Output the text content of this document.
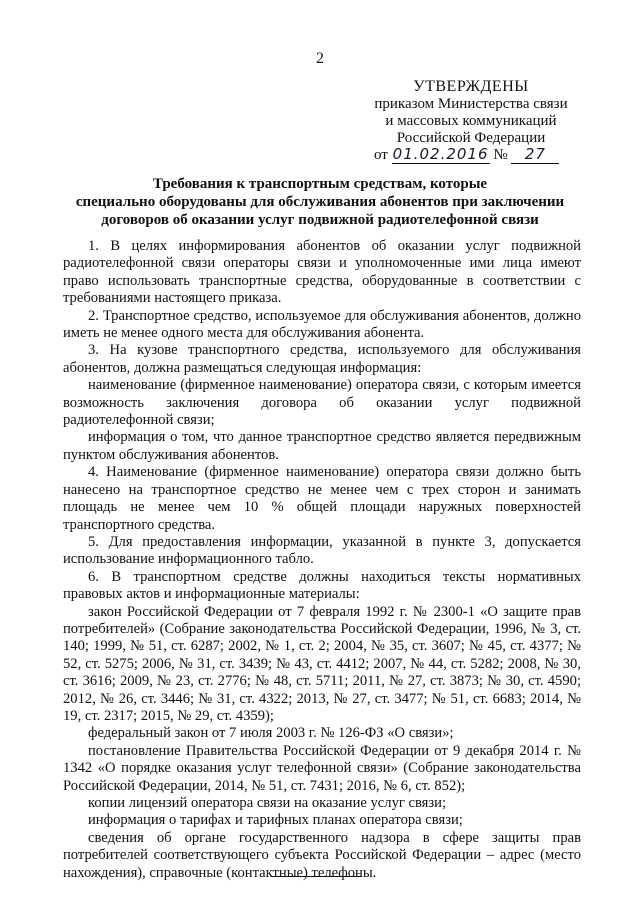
2
УТВЕРЖДЕНЫ
приказом Министерства связи
и массовых коммуникаций
Российской Федерации
от 01.02.2016 № 27
Требования к транспортным средствам, которые
специально оборудованы для обслуживания абонентов при заключении
договоров об оказании услуг подвижной радиотелефонной связи

1. В целях информирования абонентов об оказании услуг подвижной радиотелефонной связи операторы связи и уполномоченные ими лица имеют право использовать транспортные средства, оборудованные в соответствии с требованиями настоящего приказа.

2. Транспортное средство, используемое для обслуживания абонентов, должно иметь не менее одного места для обслуживания абонента.

3. На кузове транспортного средства, используемого для обслуживания абонентов, должна размещаться следующая информация:

наименование (фирменное наименование) оператора связи, с которым имеется возможность заключения договора об оказании услуг подвижной радиотелефонной связи;

информация о том, что данное транспортное средство является передвижным пунктом обслуживания абонентов.

4. Наименование (фирменное наименование) оператора связи должно быть нанесено на транспортное средство не менее чем с трех сторон и занимать площадь не менее чем 10 % общей площади наружных поверхностей транспортного средства.

5. Для предоставления информации, указанной в пункте 3, допускается использование информационного табло.

6. В транспортном средстве должны находиться тексты нормативных правовых актов и информационные материалы:

закон Российской Федерации от 7 февраля 1992 г. № 2300-1 «О защите прав потребителей» (Собрание законодательства Российской Федерации, 1996, № 3, ст. 140; 1999, № 51, ст. 6287; 2002, № 1, ст. 2; 2004, № 35, ст. 3607; № 45, ст. 4377; № 52, ст. 5275; 2006, № 31, ст. 3439; № 43, ст. 4412; 2007, № 44, ст. 5282; 2008, № 30, ст. 3616; 2009, № 23, ст. 2776; № 48, ст. 5711; 2011, № 27, ст. 3873; № 30, ст. 4590; 2012, № 26, ст. 3446; № 31, ст. 4322; 2013, № 27, ст. 3477; № 51, ст. 6683; 2014, № 19, ст. 2317; 2015, № 29, ст. 4359);

федеральный закон от 7 июля 2003 г. № 126-ФЗ «О связи»;

постановление Правительства Российской Федерации от 9 декабря 2014 г. № 1342 «О порядке оказания услуг телефонной связи» (Собрание законодательства Российской Федерации, 2014, № 51, ст. 7431; 2016, № 6, ст. 852);

копии лицензий оператора связи на оказание услуг связи;

информация о тарифах и тарифных планах оператора связи;

сведения об органе государственного надзора в сфере защиты прав потребителей соответствующего субъекта Российской Федерации – адрес (место нахождения), справочные (контактные) телефоны.
